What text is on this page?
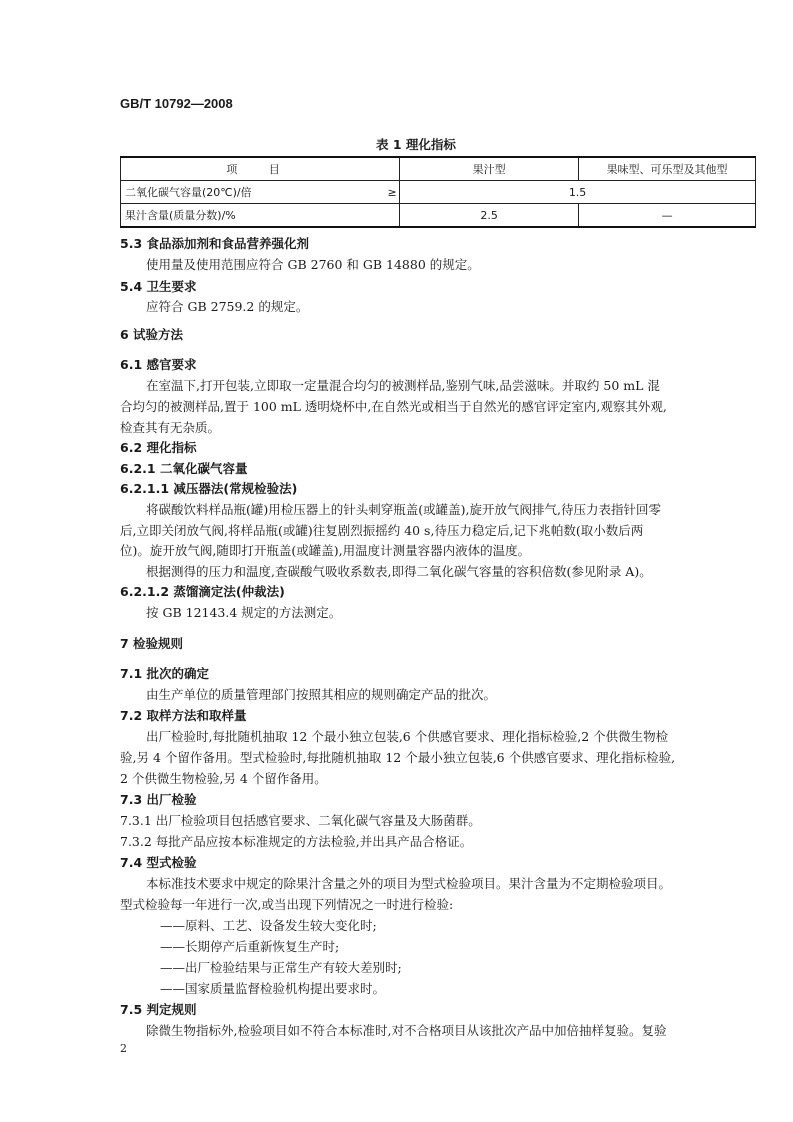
GB/T 10792—2008
表 1 理化指标
项 目		果汁型	果味型、可乐型及其他型
二氧化碳气容量(20℃)/倍	≥	1.5	
果汁含量(质量分数)/%		2.5	—
5.3 食品添加剂和食品营养强化剂
使用量及使用范围应符合 GB 2760 和 GB 14880 的规定。
5.4 卫生要求
应符合 GB 2759.2 的规定。
6 试验方法
6.1 感官要求
在室温下,打开包装,立即取一定量混合均匀的被测样品,鉴别气味,品尝滋味。并取约 50 mL 混
合均匀的被测样品,置于 100 mL 透明烧杯中,在自然光或相当于自然光的感官评定室内,观察其外观,
检查其有无杂质。
6.2 理化指标
6.2.1 二氧化碳气容量
6.2.1.1 减压器法(常规检验法)
将碳酸饮料样品瓶(罐)用检压器上的针头刺穿瓶盖(或罐盖),旋开放气阀排气,待压力表指针回零
后,立即关闭放气阀,将样品瓶(或罐)往复剧烈振摇约 40 s,待压力稳定后,记下兆帕数(取小数后两
位)。旋开放气阀,随即打开瓶盖(或罐盖),用温度计测量容器内液体的温度。
根据测得的压力和温度,查碳酸气吸收系数表,即得二氧化碳气容量的容积倍数(参见附录 A)。
6.2.1.2 蒸馏滴定法(仲裁法)
按 GB 12143.4 规定的方法测定。
7 检验规则
7.1 批次的确定
由生产单位的质量管理部门按照其相应的规则确定产品的批次。
7.2 取样方法和取样量
出厂检验时,每批随机抽取 12 个最小独立包装,6 个供感官要求、理化指标检验,2 个供微生物检
验,另 4 个留作备用。型式检验时,每批随机抽取 12 个最小独立包装,6 个供感官要求、理化指标检验,
2 个供微生物检验,另 4 个留作备用。
7.3 出厂检验
7.3.1 出厂检验项目包括感官要求、二氧化碳气容量及大肠菌群。
7.3.2 每批产品应按本标准规定的方法检验,并出具产品合格证。
7.4 型式检验
本标准技术要求中规定的除果汁含量之外的项目为型式检验项目。果汁含量为不定期检验项目。
型式检验每一年进行一次,或当出现下列情况之一时进行检验:
——原料、工艺、设备发生较大变化时;
——长期停产后重新恢复生产时;
——出厂检验结果与正常生产有较大差别时;
——国家质量监督检验机构提出要求时。
7.5 判定规则
除微生物指标外,检验项目如不符合本标准时,对不合格项目从该批次产品中加倍抽样复验。复验
2
